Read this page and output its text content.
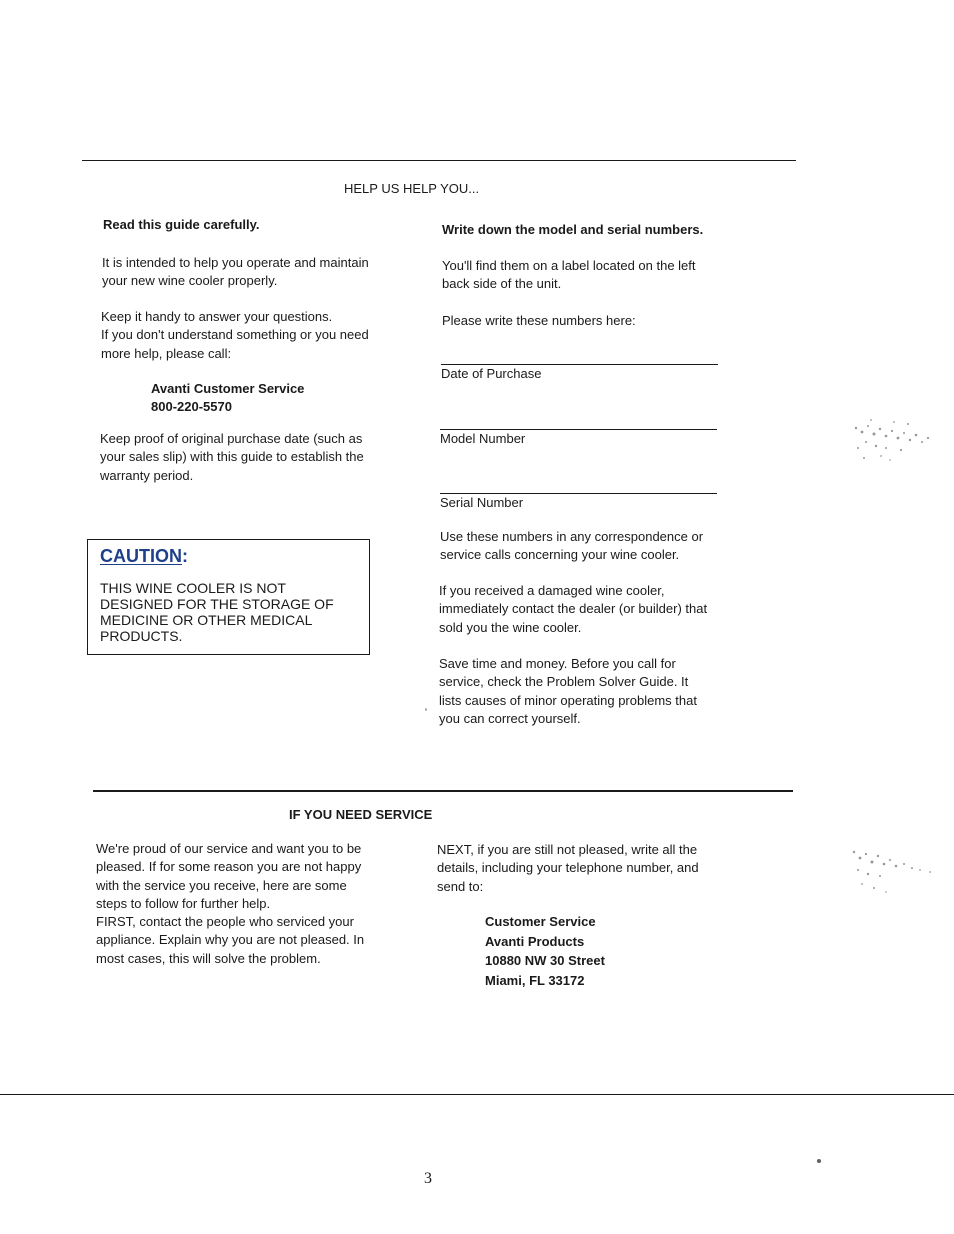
HELP US HELP YOU...
Read this guide carefully.
It is intended to help you operate and maintain
your new wine cooler properly.
Keep it handy to answer your questions.
If you don't understand something or you need
more help, please call:
Avanti Customer Service
800-220-5570
Keep proof of original purchase date (such as
your sales slip) with this guide to establish the
warranty period.
CAUTION:
THIS WINE COOLER IS NOT
DESIGNED FOR THE STORAGE OF
MEDICINE OR OTHER MEDICAL
PRODUCTS.
Write down the model and serial numbers.
You'll find them on a label located on the left
back side of the unit.
Please write these numbers here:
Date of Purchase
Model Number
Serial Number
Use these numbers in any correspondence or
service calls concerning your wine cooler.
If you received a damaged wine cooler,
immediately contact the dealer (or builder) that
sold you the wine cooler.
Save time and money. Before you call for
service, check the Problem Solver Guide. It
lists causes of minor operating problems that
you can correct yourself.
IF YOU NEED SERVICE
We're proud of our service and want you to be
pleased. If for some reason you are not happy
with the service you receive, here are some
steps to follow for further help.
FIRST, contact the people who serviced your
appliance. Explain why you are not pleased. In
most cases, this will solve the problem.
NEXT, if you are still not pleased, write all the
details, including your telephone number, and
send to:
Customer Service
Avanti Products
10880 NW 30 Street
Miami, FL 33172
3
